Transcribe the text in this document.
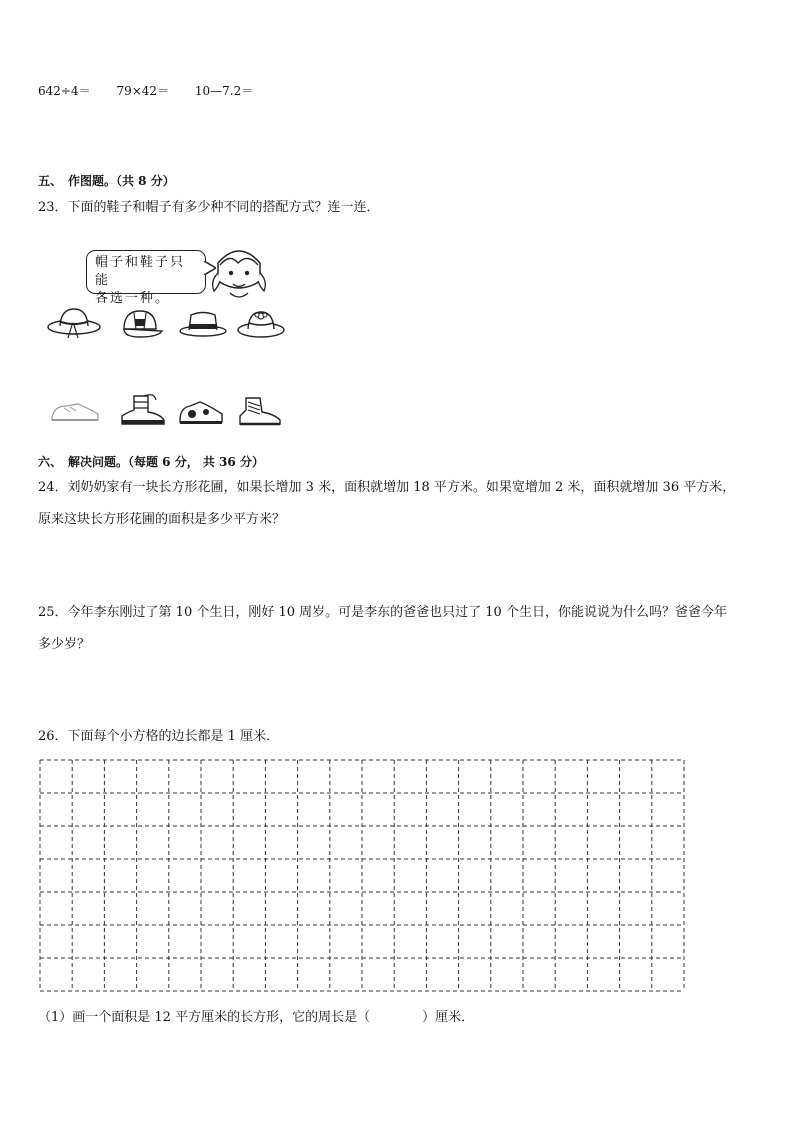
642÷4＝ 79×42＝ 10—7.2＝
五、　作图题。（共 8 分）
23．下面的鞋子和帽子有多少种不同的搭配方式？连一连．
帽子和鞋子只能
各选一种。
六、　解决问题。（每题 6 分， 共 36 分）
24．刘奶奶家有一块长方形花圃，如果长增加 3 米，面积就增加 18 平方米。如果宽增加 2 米，面积就增加 36 平方米，
原来这块长方形花圃的面积是多少平方米？
25．今年李东刚过了第 10 个生日，刚好 10 周岁。可是李东的爸爸也只过了 10 个生日，你能说说为什么吗？爸爸今年
多少岁？
26．下面每个小方格的边长都是 1 厘米．
（1）画一个面积是 12 平方厘米的长方形，它的周长是（	）厘米．
